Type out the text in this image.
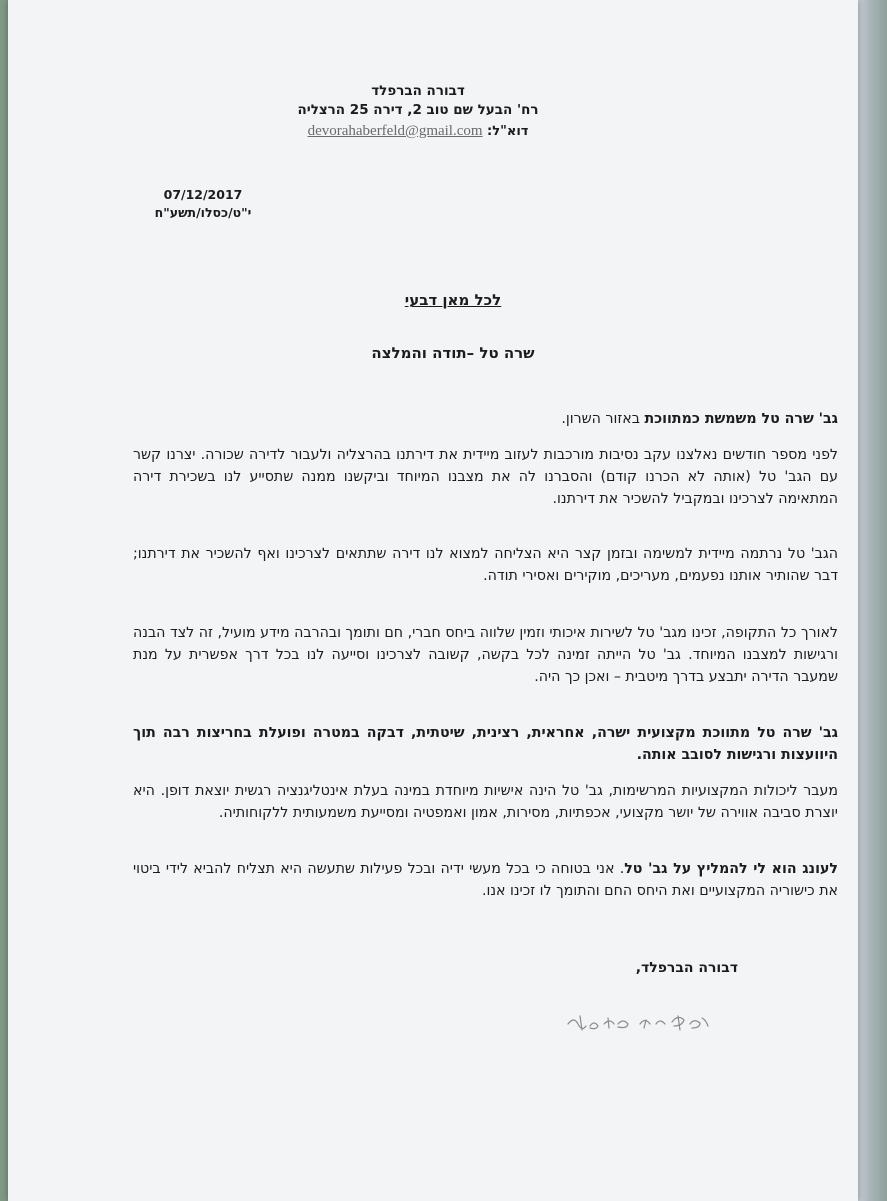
דבורה הברפלד
רח' הבעל שם טוב 2, דירה 25 הרצליה
דוא"ל: devorahaberfeld@gmail.com
07/12/2017
י"ט/כסלו/תשע"ח
לכל מאן דבעי
שרה טל –תודה והמלצה
גב' שרה טל משמשת כמתווכת באזור השרון.
לפני מספר חודשים נאלצנו עקב נסיבות מורכבות לעזוב מיידית את דירתנו בהרצליה ולעבור לדירה שכורה. יצרנו קשר עם הגב' טל (אותה לא הכרנו קודם) והסברנו לה את מצבנו המיוחד וביקשנו ממנה שתסייע לנו בשכירת דירה המתאימה לצרכינו ובמקביל להשכיר את דירתנו.
הגב' טל נרתמה מיידית למשימה ובזמן קצר היא הצליחה למצוא לנו דירה שתתאים לצרכינו ואף להשכיר את דירתנו; דבר שהותיר אותנו נפעמים, מעריכים, מוקירים ואסירי תודה.
לאורך כל התקופה, זכינו מגב' טל לשירות איכותי וזמין שלווה ביחס חברי, חם ותומך ובהרבה מידע מועיל, זה לצד הבנה ורגישות למצבנו המיוחד. גב' טל הייתה זמינה לכל בקשה, קשובה לצרכינו וסייעה לנו בכל דרך אפשרית על מנת שמעבר הדירה יתבצע בדרך מיטבית – ואכן כך היה.
גב' שרה טל מתווכת מקצועית ישרה, אחראית, רצינית, שיטתית, דבקה במטרה ופועלת בחריצות רבה תוך היוועצות ורגישות לסובב אותה.
מעבר ליכולות המקצועיות המרשימות, גב' טל הינה אישיות מיוחדת במינה בעלת אינטליגנציה רגשית יוצאת דופן. היא יוצרת סביבה אווירה של יושר מקצועי, אכפתיות, מסירות, אמון ואמפטיה ומסייעת משמעותית ללקוחותיה.
לעונג הוא לי להמליץ על גב' טל. אני בטוחה כי בכל מעשי ידיה ובכל פעילות שתעשה היא תצליח להביא לידי ביטוי את כישוריה המקצועיים ואת היחס החם והתומך לו זכינו אנו.
דבורה הברפלד,
